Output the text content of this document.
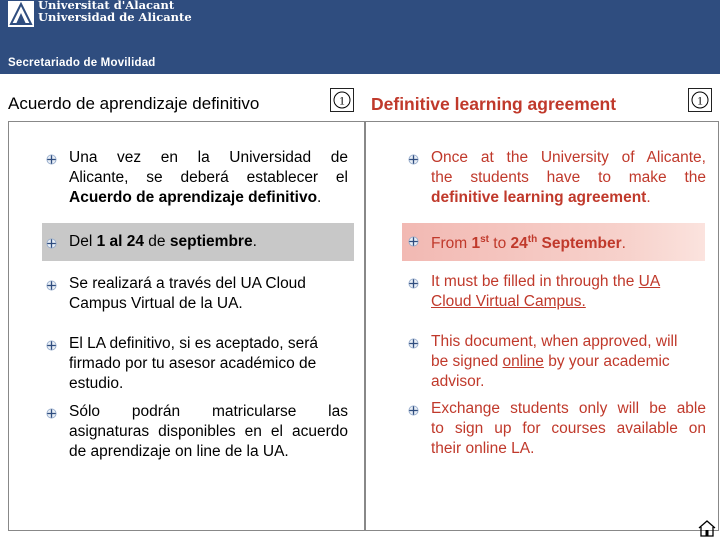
Universitat d'Alacant
Universidad de Alicante
Secretariado de Movilidad
Acuerdo de aprendizaje definitivo	1 Definitive learning agreement	1
Una vez en la Universidad de
Alicante, se deberá establecer el
Acuerdo de aprendizaje definitivo.
Del 1 al 24 de septiembre.
Se realizará a través del UA Cloud
Campus Virtual de la UA.
El LA definitivo, si es aceptado, será
firmado por tu asesor académico de
estudio.
Sólo podrán matricularse las
asignaturas disponibles en el acuerdo
de aprendizaje on line de la UA.
Once at the University of Alicante,
the students have to make the
definitive learning agreement.
From 1st to 24th September.
It must be filled in through the UA
Cloud Virtual Campus.
This document, when approved, will
be signed online by your academic
advisor.
Exchange students only will be able
to sign up for courses available on
their online LA.
